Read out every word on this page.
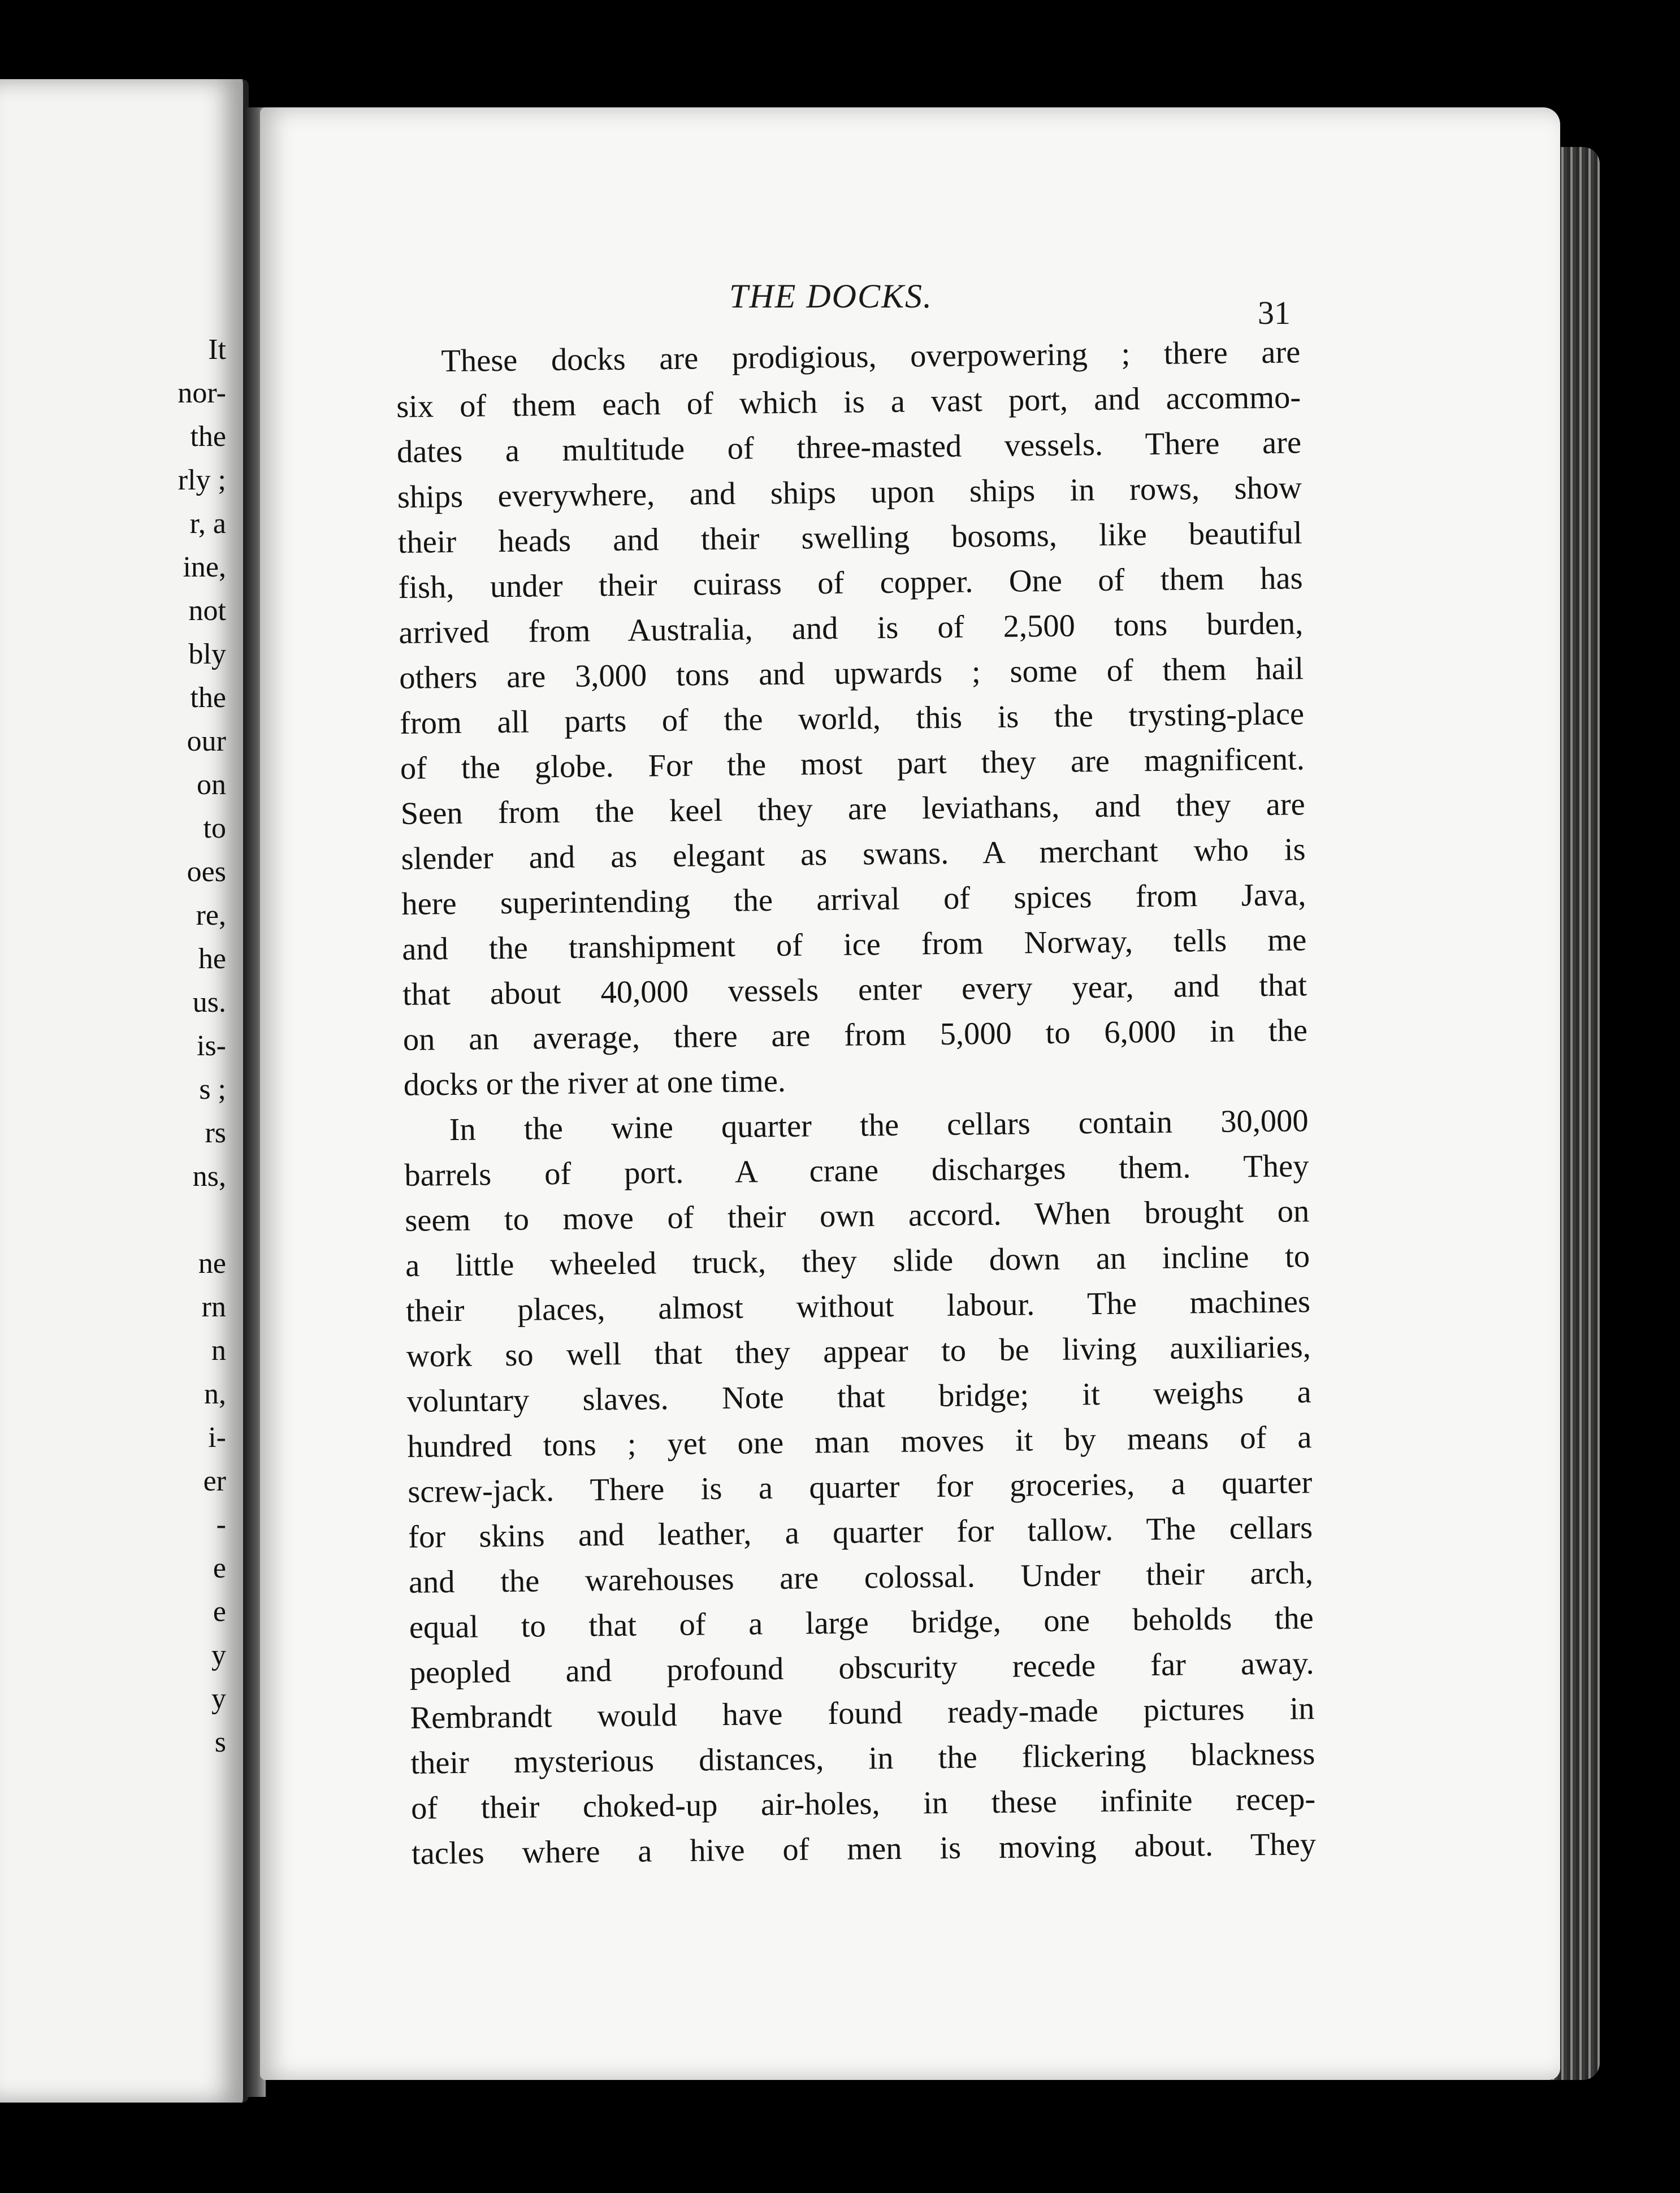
It
nor-
the
rly ;
r, a
ine,
not
bly
the
our
on
to
oes
re,
he
us.
is-
s ;
rs
ns,
ne
rn
n
n,
i-
er
-
e
e
y
y
s
THE DOCKS.	31

These docks are prodigious, overpowering ; there are
six of them each of which is a vast port, and accommo-
dates a multitude of three-masted vessels. There are
ships everywhere, and ships upon ships in rows, show
their heads and their swelling bosoms, like beautiful
fish, under their cuirass of copper. One of them has
arrived from Australia, and is of 2,500 tons burden,
others are 3,000 tons and upwards ; some of them hail
from all parts of the world, this is the trysting-place
of the globe. For the most part they are magnificent.
Seen from the keel they are leviathans, and they are
slender and as elegant as swans. A merchant who is
here superintending the arrival of spices from Java,
and the transhipment of ice from Norway, tells me
that about 40,000 vessels enter every year, and that
on an average, there are from 5,000 to 6,000 in the
docks or the river at one time.

In the wine quarter the cellars contain 30,000
barrels of port. A crane discharges them. They
seem to move of their own accord. When brought on
a little wheeled truck, they slide down an incline to
their places, almost without labour. The machines
work so well that they appear to be living auxiliaries,
voluntary slaves. Note that bridge; it weighs a
hundred tons ; yet one man moves it by means of a
screw-jack. There is a quarter for groceries, a quarter
for skins and leather, a quarter for tallow. The cellars
and the warehouses are colossal. Under their arch,
equal to that of a large bridge, one beholds the
peopled and profound obscurity recede far away.
Rembrandt would have found ready-made pictures in
their mysterious distances, in the flickering blackness
of their choked-up air-holes, in these infinite recep-
tacles where a hive of men is moving about. They
